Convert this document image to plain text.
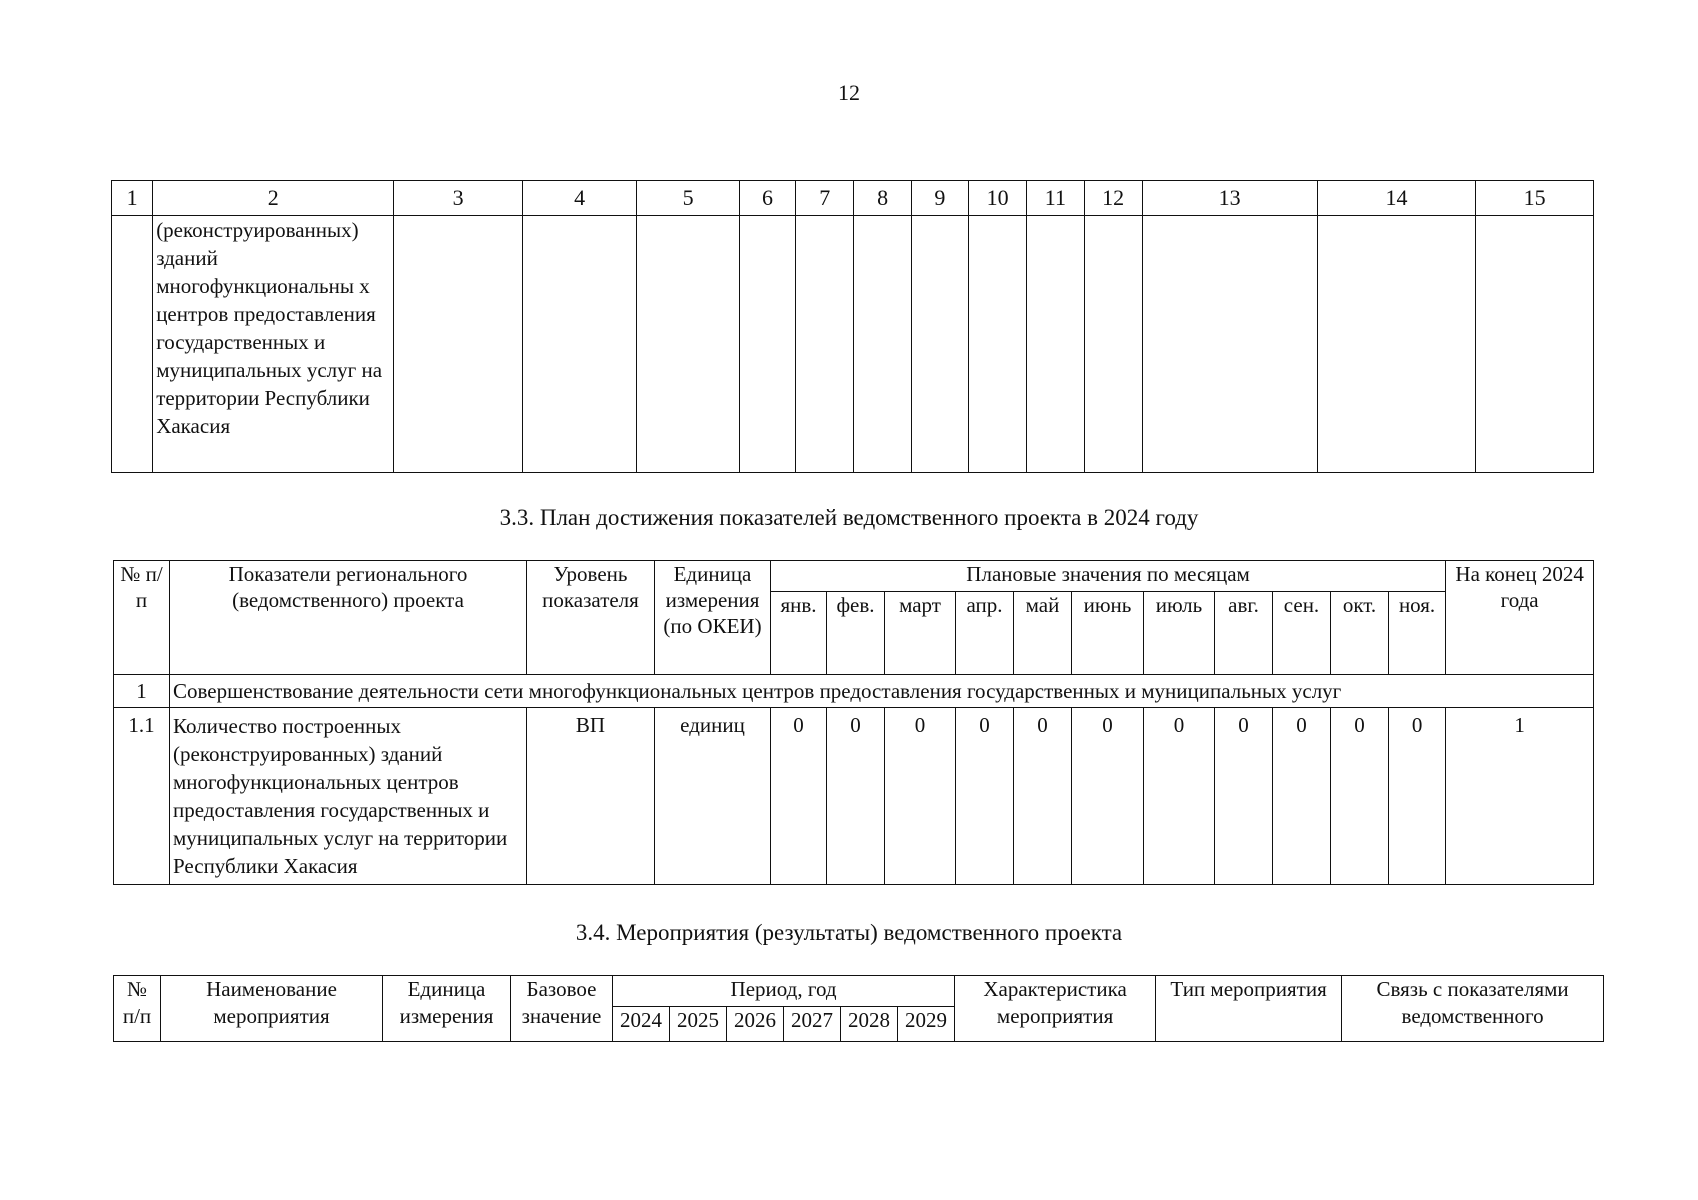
12
1	2	3	4	5	6	7	8	9	10	11	12	13	14	15
	(реконструированных) зданий многофункциональны х центров предоставления государственных и муниципальных услуг на территории Республики Хакасия													
3.3. План достижения показателей ведомственного проекта в 2024 году
№ п/п	Показатели регионального (ведомственного) проекта	Уровень показателя	Единица измерения (по ОКЕИ)	Плановые значения по месяцам											На конец 2024 года
				янв.	фев.	март	апр.	май	июнь	июль	авг.	сен.	окт.	ноя.	
1	Совершенствование деятельности сети многофункциональных центров предоставления государственных и муниципальных услуг														
1.1	Количество построенных (реконструированных) зданий многофункциональных центров предоставления государственных и муниципальных услуг на территории Республики Хакасия	ВП	единиц	0	0	0	0	0	0	0	0	0	0	0	1
3.4. Мероприятия (результаты) ведомственного проекта
№ п/п	Наименование мероприятия	Единица измерения	Базовое значение	Период, год						Характеристика мероприятия	Тип мероприятия	Связь с показателями ведомственного
				2024	2025	2026	2027	2028	2029			
